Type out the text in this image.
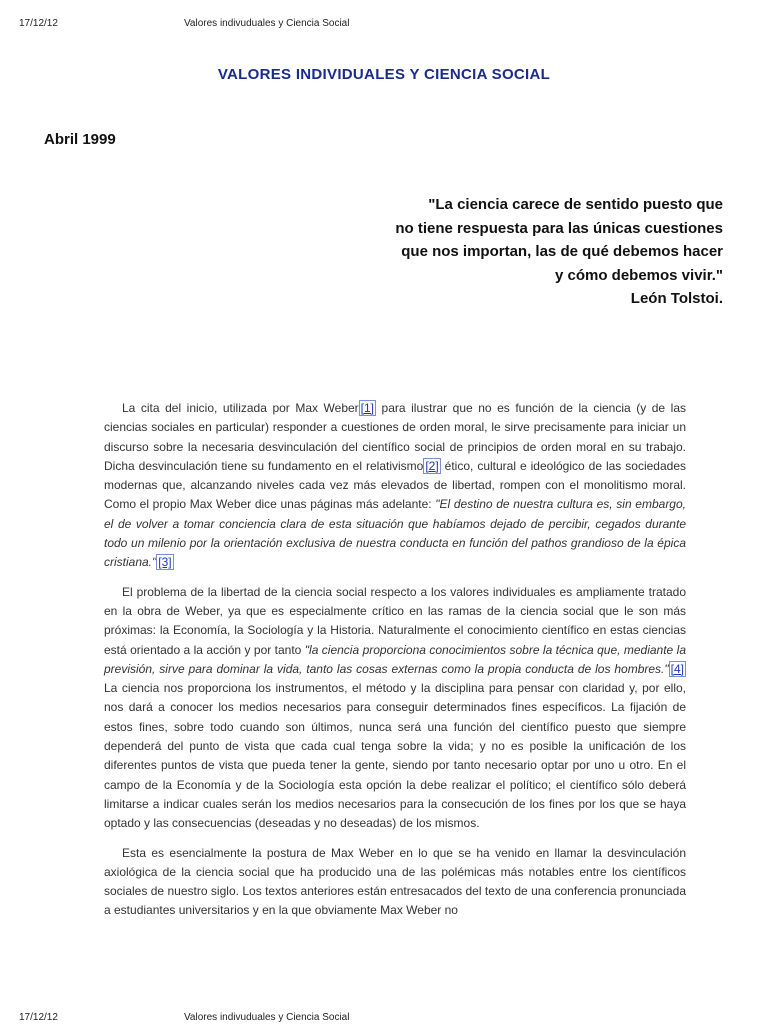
17/12/12	Valores indivuduales y Ciencia Social
VALORES INDIVIDUALES Y CIENCIA SOCIAL
Abril 1999
"La ciencia carece de sentido puesto que
no tiene respuesta para las únicas cuestiones
que nos importan, las de qué debemos hacer
y cómo debemos vivir."
León Tolstoi.

La cita del inicio, utilizada por Max Weber [1] para ilustrar que no es función de la ciencia (y de las ciencias sociales en particular) responder a cuestiones de orden moral, le sirve precisamente para iniciar un discurso sobre la necesaria desvinculación del científico social de principios de orden moral en su trabajo. Dicha desvinculación tiene su fundamento en el relativismo [2] ético, cultural e ideológico de las sociedades modernas que, alcanzando niveles cada vez más elevados de libertad, rompen con el monolitismo moral. Como el propio Max Weber dice unas páginas más adelante: "El destino de nuestra cultura es, sin embargo, el de volver a tomar conciencia clara de esta situación que habíamos dejado de percibir, cegados durante todo un milenio por la orientación exclusiva de nuestra conducta en función del pathos grandioso de la épica cristiana." [3]

El problema de la libertad de la ciencia social respecto a los valores individuales es ampliamente tratado en la obra de Weber, ya que es especialmente crítico en las ramas de la ciencia social que le son más próximas: la Economía, la Sociología y la Historia. Naturalmente el conocimiento científico en estas ciencias está orientado a la acción y por tanto "la ciencia proporciona conocimientos sobre la técnica que, mediante la previsión, sirve para dominar la vida, tanto las cosas externas como la propia conducta de los hombres." [4] La ciencia nos proporciona los instrumentos, el método y la disciplina para pensar con claridad y, por ello, nos dará a conocer los medios necesarios para conseguir determinados fines específicos. La fijación de estos fines, sobre todo cuando son últimos, nunca será una función del científico puesto que siempre dependerá del punto de vista que cada cual tenga sobre la vida; y no es posible la unificación de los diferentes puntos de vista que pueda tener la gente, siendo por tanto necesario optar por uno u otro. En el campo de la Economía y de la Sociología esta opción la debe realizar el político; el científico sólo deberá limitarse a indicar cuales serán los medios necesarios para la consecución de los fines por los que se haya optado y las consecuencias (deseadas y no deseadas) de los mismos.

Esta es esencialmente la postura de Max Weber en lo que se ha venido en llamar la desvinculación axiológica de la ciencia social que ha producido una de las polémicas más notables entre los científicos sociales de nuestro siglo. Los textos anteriores están entresacados del texto de una conferencia pronunciada a estudiantes universitarios y en la que obviamente Max Weber no

17/12/12	Valores indivuduales y Ciencia Social
